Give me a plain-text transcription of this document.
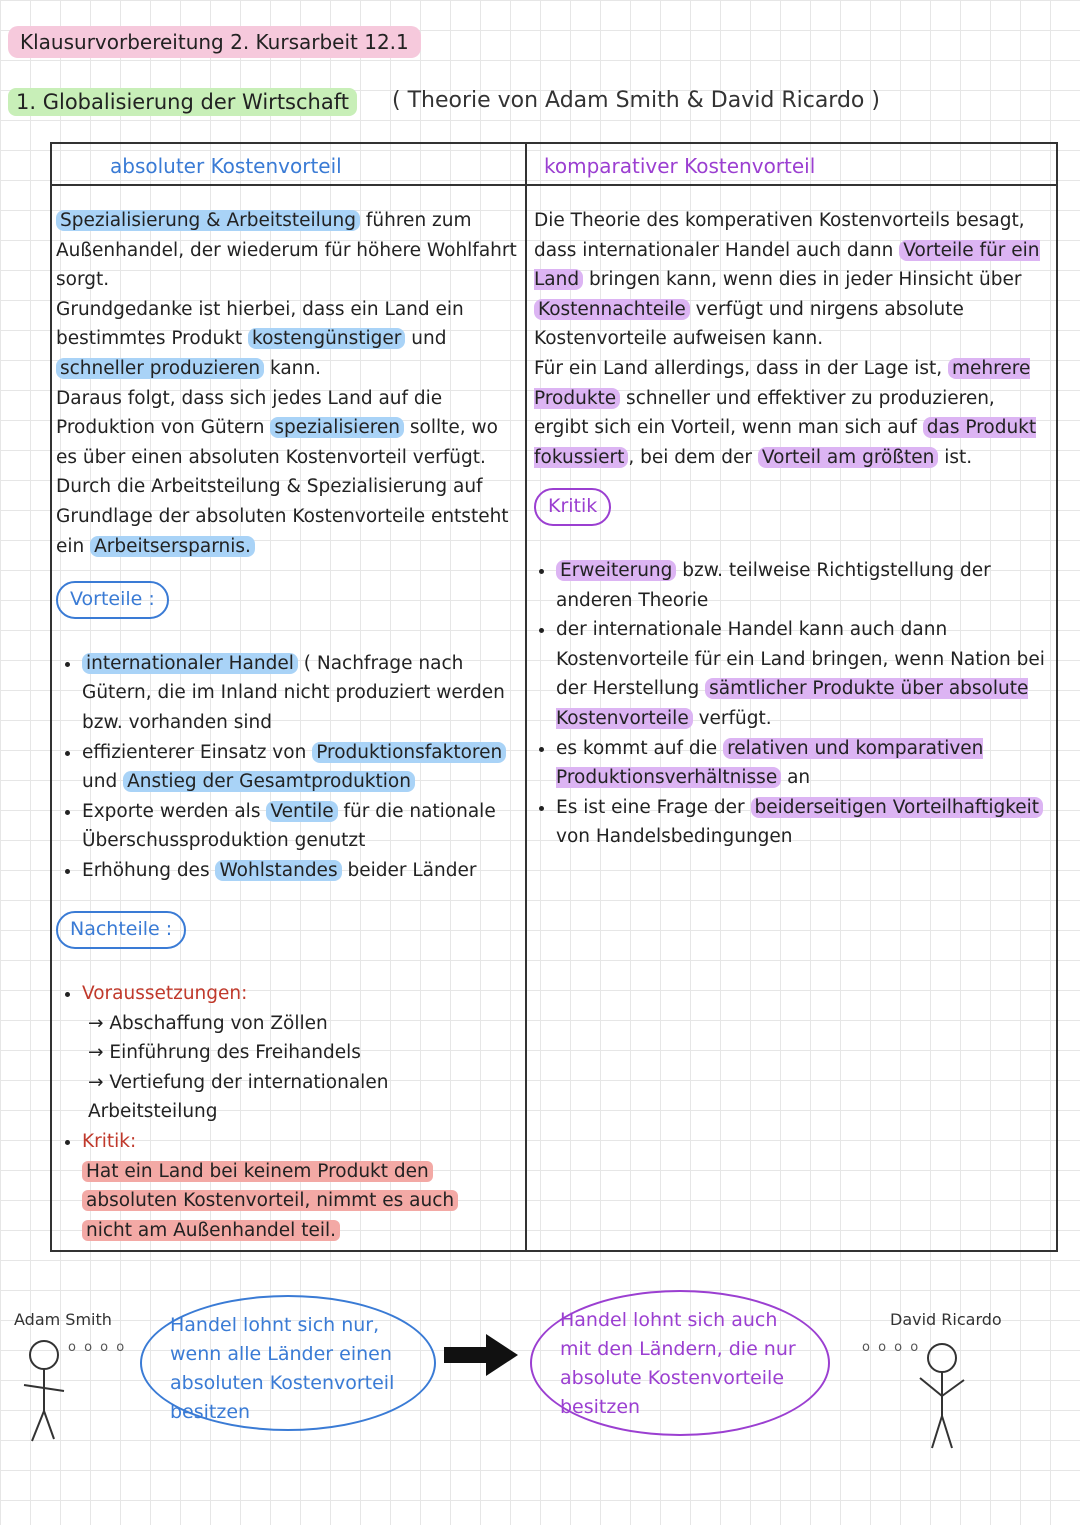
Klausurvorbereitung 2. Kursarbeit 12.1
1. Globalisierung der Wirtschaft	( Theorie von Adam Smith & David Ricardo )
absoluter Kostenvorteil	komparativer Kostenvorteil

Spezialisierung & Arbeitsteilung führen zum Außenhandel, der wiederum für höhere Wohlfahrt sorgt.

Grundgedanke ist hierbei, dass ein Land ein bestimmtes Produkt kostengünstiger und schneller produzieren kann.

Daraus folgt, dass sich jedes Land auf die Produktion von Gütern spezialisieren sollte, wo es über einen absoluten Kostenvorteil verfügt.

Durch die Arbeitsteilung & Spezialisierung auf Grundlage der absoluten Kostenvorteile entsteht ein Arbeitsersparnis.

Vorteile :
• internationaler Handel ( Nachfrage nach Gütern, die im Inland nicht produziert werden bzw. vorhanden sind
• effizienterer Einsatz von Produktionsfaktoren und Anstieg der Gesamtproduktion
• Exporte werden als Ventile für die nationale Überschussproduktion genutzt
• Erhöhung des Wohlstandes beider Länder
Nachteile :
• Voraussetzungen:
→ Abschaffung von Zöllen
→ Einführung des Freihandels
→ Vertiefung der internationalen Arbeitsteilung
• Kritik:
Hat ein Land bei keinem Produkt den
absoluten Kostenvorteil, nimmt es auch
nicht am Außenhandel teil.

Die Theorie des komperativen Kostenvorteils besagt, dass internationaler Handel auch dann Vorteile für ein Land bringen kann, wenn dies in jeder Hinsicht über Kostennachteile verfügt und nirgens absolute Kostenvorteile aufweisen kann.

Für ein Land allerdings, dass in der Lage ist, mehrere Produkte schneller und effektiver zu produzieren, ergibt sich ein Vorteil, wenn man sich auf das Produkt fokussiert , bei dem der Vorteil am größten ist.

Kritik
• Erweiterung bzw. teilweise Richtigstellung der anderen Theorie
• der internationale Handel kann auch dann Kostenvorteile für ein Land bringen, wenn Nation bei der Herstellung sämtlicher Produkte über absolute Kostenvorteile verfügt.
• es kommt auf die relativen und komparativen Produktionsverhältnisse an
• Es ist eine Frage der beiderseitigen Vorteilhaftigkeit von Handelsbedingungen
Adam Smith
o o o o
Handel lohnt sich nur, wenn alle Länder einen absoluten Kostenvorteil besitzen
Handel lohnt sich auch mit den Ländern, die nur absolute Kostenvorteile besitzen
o o o o
David Ricardo
